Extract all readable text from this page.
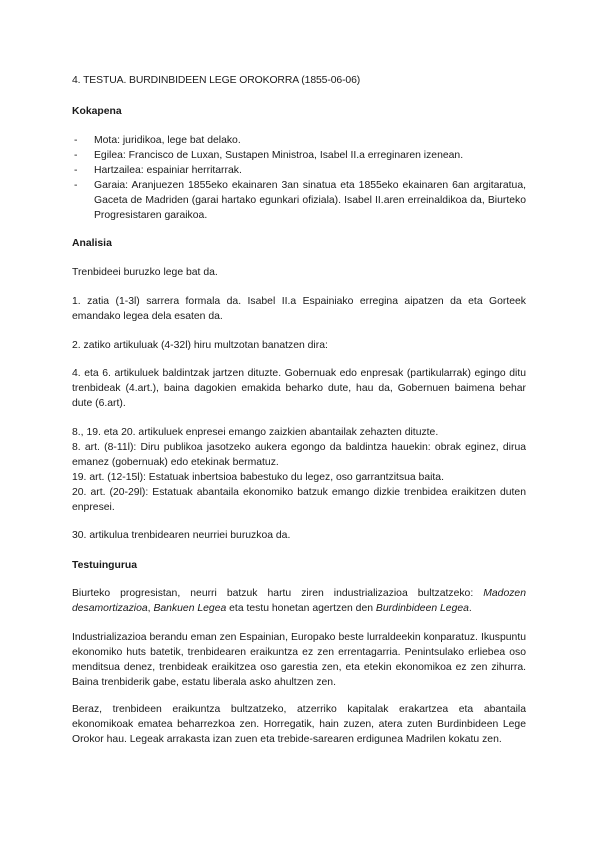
4. TESTUA. BURDINBIDEEN LEGE OROKORRA (1855-06-06)
Kokapena
- Mota: juridikoa, lege bat delako.
- Egilea: Francisco de Luxan, Sustapen Ministroa, Isabel II.a erreginaren izenean.
- Hartzailea: espainiar herritarrak.
- Garaia: Aranjuezen 1855eko ekainaren 3an sinatua eta 1855eko ekainaren 6an argitaratua, Gaceta de Madriden (garai hartako egunkari ofiziala). Isabel II.aren erreinaldikoa da, Biurteko Progresistaren garaikoa.
Analisia
Trenbideei buruzko lege bat da.
1. zatia (1-3l) sarrera formala da. Isabel II.a Espainiako erregina aipatzen da eta Gorteek emandako legea dela esaten da.
2. zatiko artikuluak (4-32l) hiru multzotan banatzen dira:
4. eta 6. artikuluek baldintzak jartzen dituzte. Gobernuak edo enpresak (partikularrak) egingo ditu trenbideak (4.art.), baina dagokien emakida beharko dute, hau da, Gobernuen baimena behar dute (6.art).
8., 19. eta 20. artikuluek enpresei emango zaizkien abantailak zehazten dituzte.
8. art. (8-11l): Diru publikoa jasotzeko aukera egongo da baldintza hauekin: obrak eginez, dirua emanez (gobernuak) edo etekinak bermatuz.
19. art. (12-15l): Estatuak inbertsioa babestuko du legez, oso garrantzitsua baita.
20. art. (20-29l): Estatuak abantaila ekonomiko batzuk emango dizkie trenbidea eraikitzen duten enpresei.
30. artikulua trenbidearen neurriei buruzkoa da.
Testuingurua
Biurteko progresistan, neurri batzuk hartu ziren industrializazioa bultzatzeko: Madozen desamortizazioa, Bankuen Legea eta testu honetan agertzen den Burdinbideen Legea.
Industrializazioa berandu eman zen Espainian, Europako beste lurraldeekin konparatuz. Ikuspuntu ekonomiko huts batetik, trenbidearen eraikuntza ez zen errentagarria. Penintsulako erliebea oso menditsua denez, trenbideak eraikitzea oso garestia zen, eta etekin ekonomikoa ez zen zihurra. Baina trenbiderik gabe, estatu liberala asko ahultzen zen.
Beraz, trenbideen eraikuntza bultzatzeko, atzerriko kapitalak erakartzea eta abantaila ekonomikoak ematea beharrezkoa zen. Horregatik, hain zuzen, atera zuten Burdinbideen Lege Orokor hau. Legeak arrakasta izan zuen eta trebide-sarearen erdigunea Madrilen kokatu zen.
